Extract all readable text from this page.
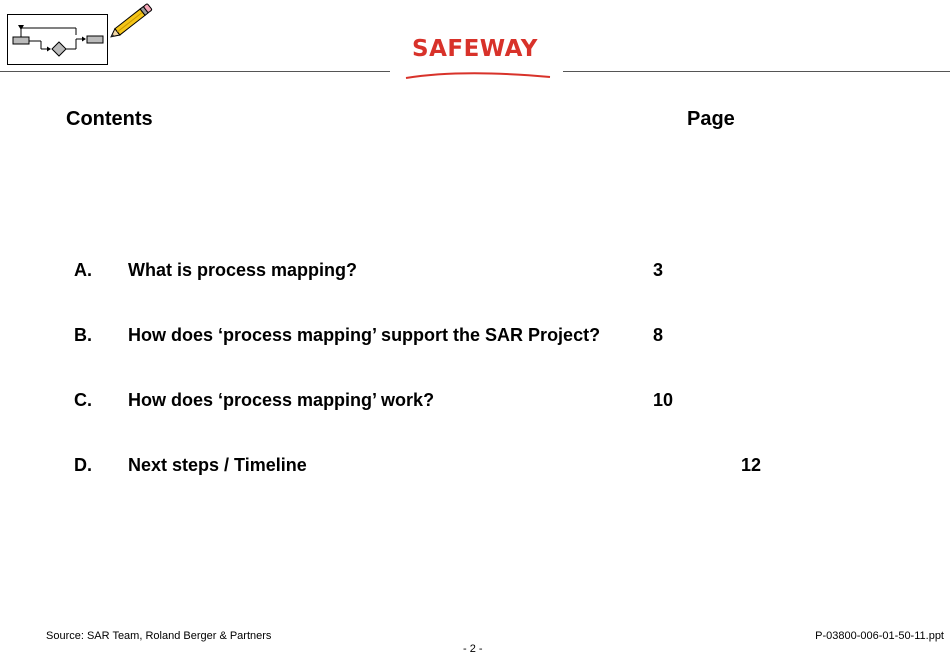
SAFEWAY
Contents	Page
A. What is process mapping?	3
B. How does ‘process mapping’ support the SAR Project?	8
C. How does ‘process mapping’ work?	10
D. Next steps / Timeline	12
Source: SAR Team, Roland Berger & Partners
- 2 -
P-03800-006-01-50-11.ppt
